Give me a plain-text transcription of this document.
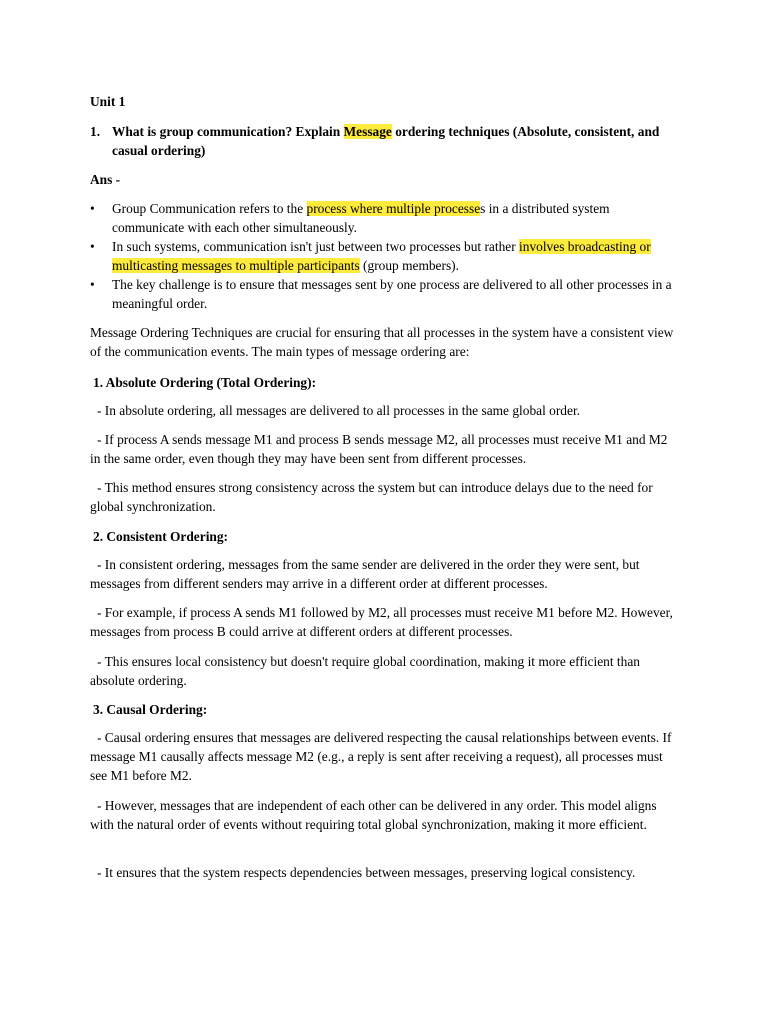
Unit 1
1. What is group communication? Explain Message ordering techniques (Absolute, consistent, and casual ordering)
Ans -
• Group Communication refers to the process where multiple processes in a distributed system communicate with each other simultaneously.
• In such systems, communication isn't just between two processes but rather involves broadcasting or multicasting messages to multiple participants (group members).
• The key challenge is to ensure that messages sent by one process are delivered to all other processes in a meaningful order.

Message Ordering Techniques are crucial for ensuring that all processes in the system have a consistent view of the communication events. The main types of message ordering are:

1. Absolute Ordering (Total Ordering):

- In absolute ordering, all messages are delivered to all processes in the same global order.

- If process A sends message M1 and process B sends message M2, all processes must receive M1 and M2 in the same order, even though they may have been sent from different processes.

- This method ensures strong consistency across the system but can introduce delays due to the need for global synchronization.

2. Consistent Ordering:

- In consistent ordering, messages from the same sender are delivered in the order they were sent, but messages from different senders may arrive in a different order at different processes.

- For example, if process A sends M1 followed by M2, all processes must receive M1 before M2. However, messages from process B could arrive at different orders at different processes.

- This ensures local consistency but doesn't require global coordination, making it more efficient than absolute ordering.

3. Causal Ordering:

- Causal ordering ensures that messages are delivered respecting the causal relationships between events. If message M1 causally affects message M2 (e.g., a reply is sent after receiving a request), all processes must see M1 before M2.

- However, messages that are independent of each other can be delivered in any order. This model aligns with the natural order of events without requiring total global synchronization, making it more efficient.

- It ensures that the system respects dependencies between messages, preserving logical consistency.
